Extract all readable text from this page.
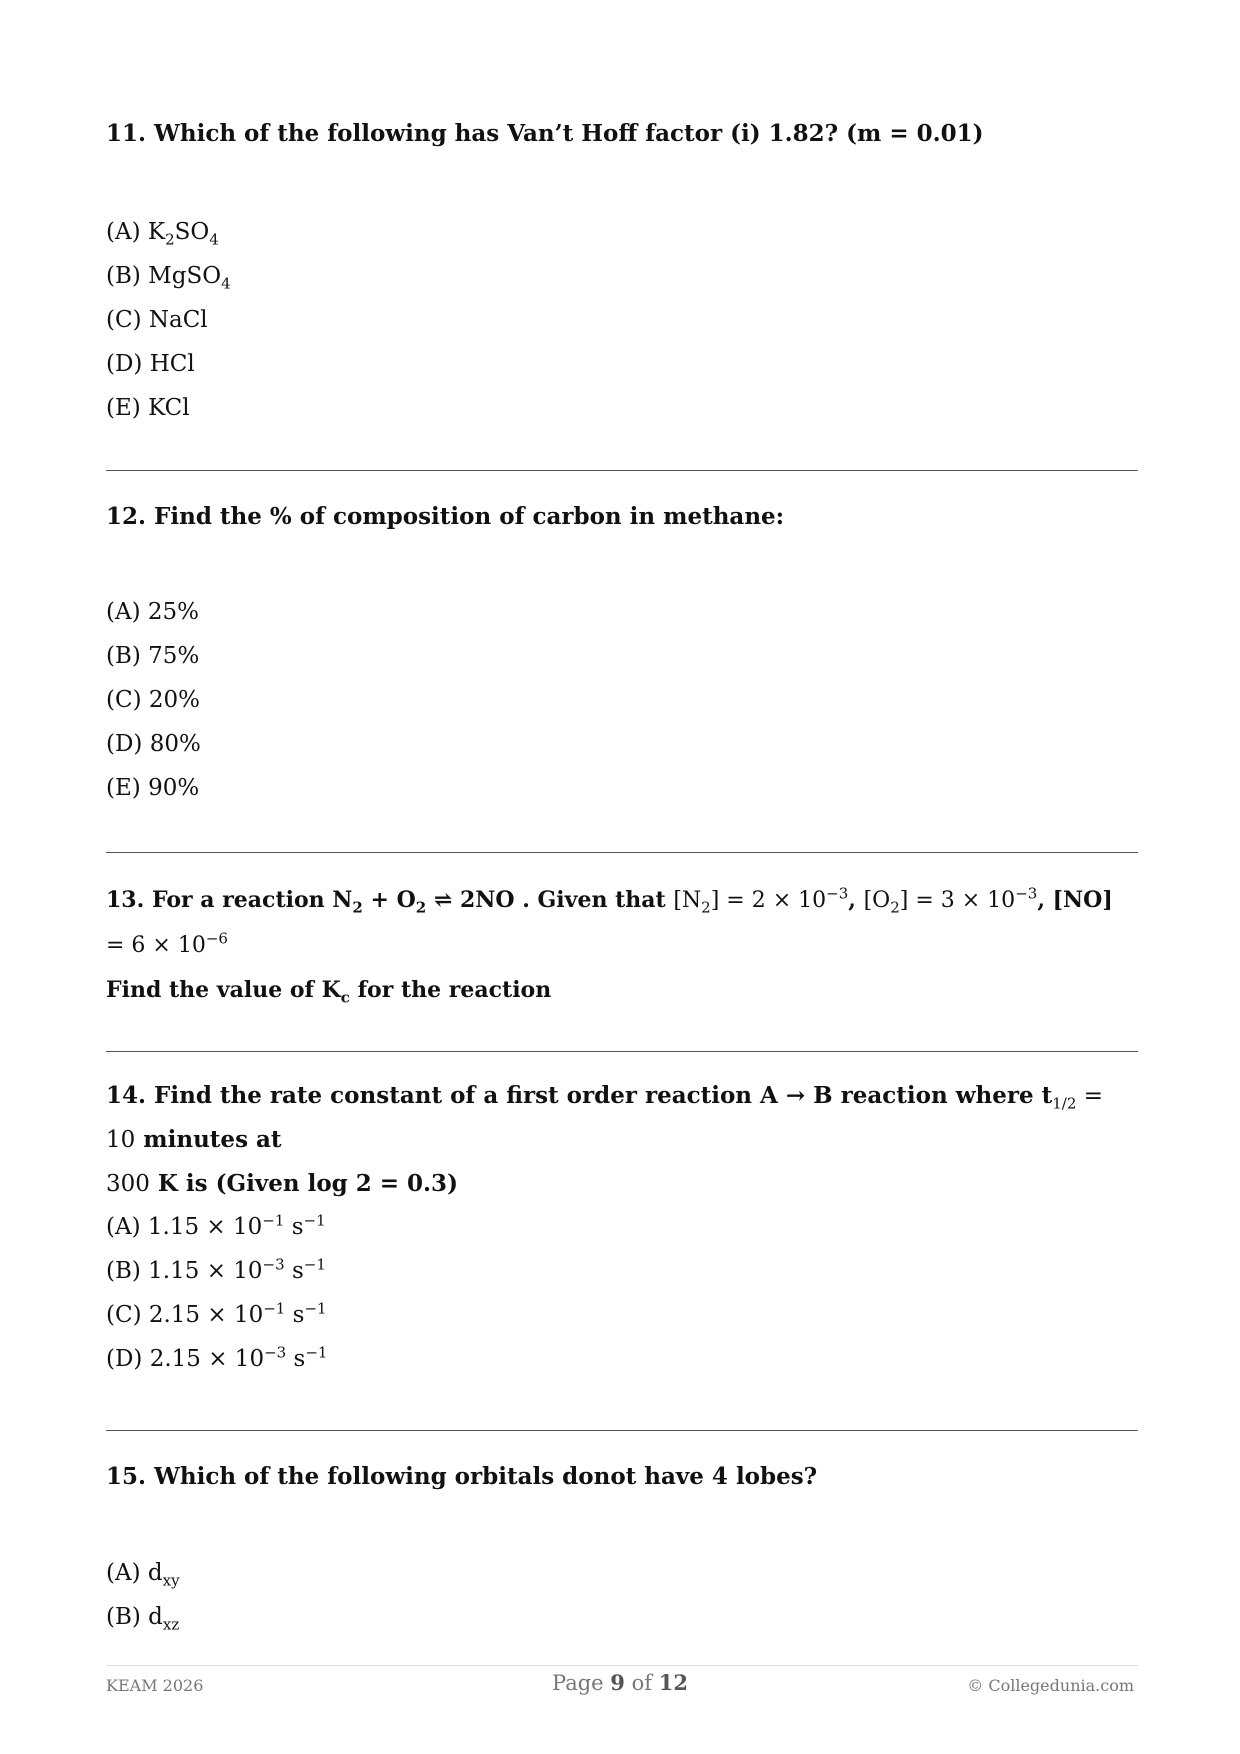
11. Which of the following has Van’t Hoff factor (i) 1.82? (m = 0.01)

(A) $K_2SO_4$
(B) MgSO$_4$
(C) NaCl
(D) HCl
(E) KCl

12. Find the % of composition of carbon in methane:

(A) 25%
(B) 75%
(C) 20%
(D) 80%
(E) 90%

13. For a reaction $N_2 + O_2$ ⇌ 2NO . Given that $[N_2] = 2 \times 10^{-3}$, $[O_2] = 3 \times 10^{-3}$, $[NO] = 6 \times 10^{-6}$
Find the value of $K_c$ for the reaction

14. Find the rate constant of a first order reaction A → B reaction where $t_{1/2} = 10$ minutes at
300 K is (Given log 2 = 0.3)

(A) $1.15 \times 10^{-1}$ $s^{-1}$
(B) $1.15 \times 10^{-3}$ $s^{-1}$
(C) $2.15 \times 10^{-1}$ $s^{-1}$
(D) $2.15 \times 10^{-3}$ $s^{-1}$

15. Which of the following orbitals donot have 4 lobes?

(A) $d_{xy}$
(B) $d_{xz}$
KEAM 2026	Page 9 of 12	© Collegedunia.com
